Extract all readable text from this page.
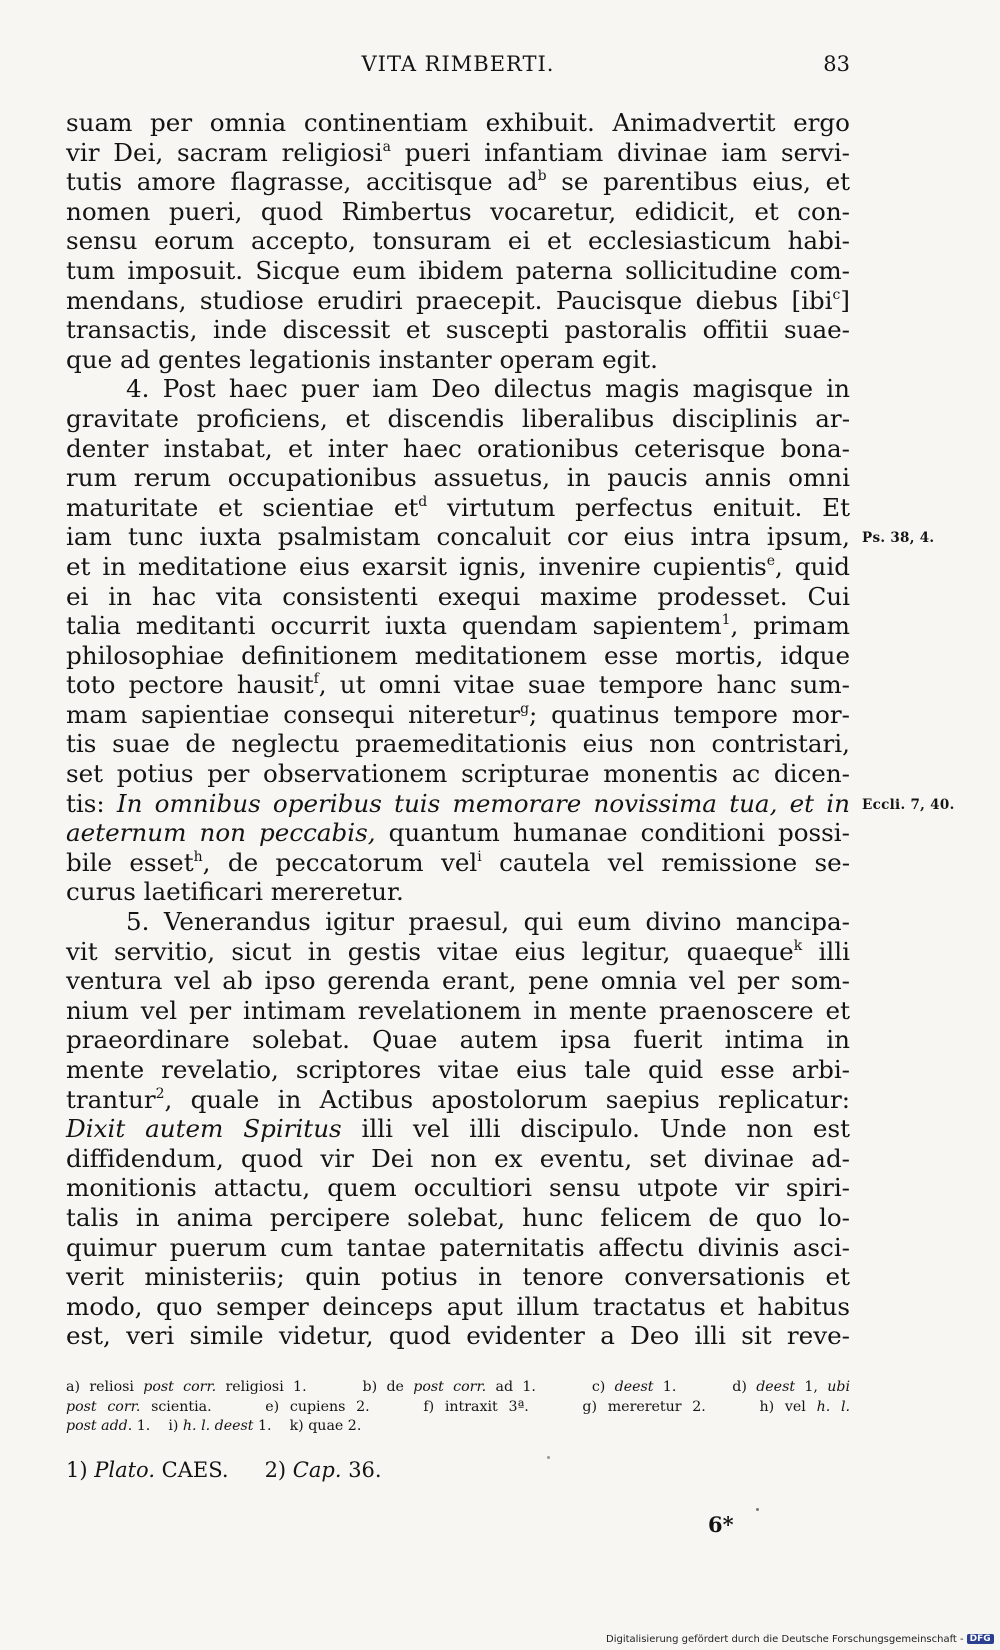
VITA RIMBERTI.	83
suam per omnia continentiam exhibuit. Animadvertit ergo
vir Dei, sacram religiosi$^a$ pueri infantiam divinae iam servi-
tutis amore flagrasse, accitisque $ad^b$ se parentibus eius, et
nomen pueri, quod Rimbertus vocaretur, edidicit, et con-
sensu eorum accepto, tonsuram ei et ecclesiasticum habi-
tum imposuit. Sicque eum ibidem paterna sollicitudine com-
mendans, studiose erudiri praecepit. Paucisque diebus [ibi$^c$]
transactis, inde discessit et suscepti pastoralis offitii suae-
que ad gentes legationis instanter operam egit.
4. Post haec puer iam Deo dilectus magis magisque in
gravitate proficiens, et discendis liberalibus disciplinis ar-
denter instabat, et inter haec orationibus ceterisque bona-
rum rerum occupationibus assuetus, in paucis annis omni
maturitate et scientiae $et^d$ virtutum perfectus enituit. Et
iam tunc iuxta psalmistam concaluit cor eius intra ipsum,
et in meditatione eius exarsit ignis, invenire cupientis$^e$, quid
ei in hac vita consistenti exequi maxime prodesset. Cui
talia meditanti occurrit iuxta quendam sapientem$^1$, primam
philosophiae definitionem meditationem esse mortis, idque
toto pectore hausit$^f$, ut omni vitae suae tempore hanc sum-
mam sapientiae consequi niteretur$^g$; quatinus tempore mor-
tis suae de neglectu praemeditationis eius non contristari,
set potius per observationem scripturae monentis ac dicen-
tis: In omnibus operibus tuis memorare novissima tua, et in
aeternum non peccabis, quantum humanae conditioni possi-
bile esset$^h$, de peccatorum vel$^i$ cautela vel remissione se-
curus laetificari mereretur.
5. Venerandus igitur praesul, qui eum divino mancipa-
vit servitio, sicut in gestis vitae eius legitur, quaeque$^k$ illi
ventura vel ab ipso gerenda erant, pene omnia vel per som-
nium vel per intimam revelationem in mente praenoscere et
praeordinare solebat. Quae autem ipsa fuerit intima in
mente revelatio, scriptores vitae eius tale quid esse arbi-
trantur$^2$, quale in Actibus apostolorum saepius replicatur:
Dixit autem Spiritus illi vel illi discipulo. Unde non est
diffidendum, quod vir Dei non ex eventu, set divinae ad-
monitionis attactu, quem occultiori sensu utpote vir spiri-
talis in anima percipere solebat, hunc felicem de quo lo-
quimur puerum cum tantae paternitatis affectu divinis asci-
verit ministeriis; quin potius in tenore conversationis et
modo, quo semper deinceps aput illum tractatus et habitus
est, veri simile videtur, quod evidenter a Deo illi sit reve-
Ps. 38, 4.
Eccli. 7, 40.
a) reliosi post corr. religiosi 1.      b) de post corr. ad 1.      c) deest 1.      d) deest 1, ubi
post corr. scientia.     e) cupiens 2.     f) intraxit 3ª.     g) mereretur 2.     h) vel h. l.
post add. 1.    i) h. l. deest 1.    k) quae 2.
1) Plato. CAES. 2) Cap. 36.
6*
Digitalisierung gefördert durch die Deutsche Forschungsgemeinschaft - DFG
